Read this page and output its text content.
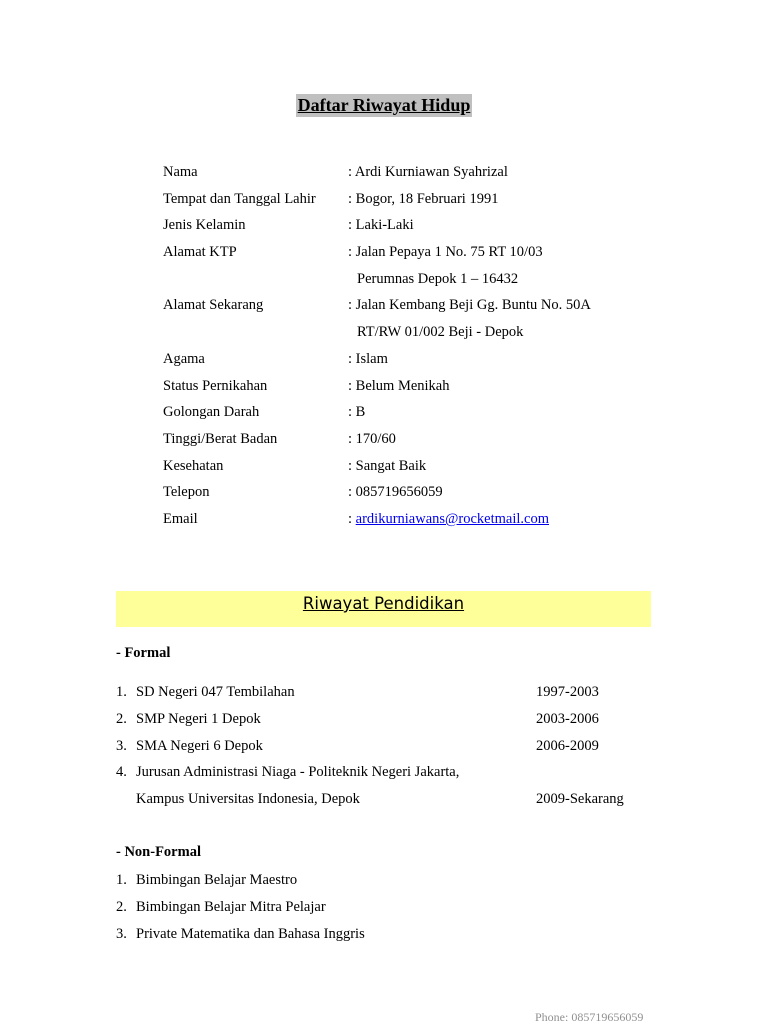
Daftar Riwayat Hidup
Nama	: Ardi Kurniawan Syahrizal
Tempat dan Tanggal Lahir	: Bogor, 18 Februari 1991
Jenis Kelamin	: Laki-Laki
Alamat KTP	: Jalan Pepaya 1 No. 75 RT 10/03
Perumnas Depok 1 – 16432
Alamat Sekarang	: Jalan Kembang Beji Gg. Buntu No. 50A
RT/RW 01/002 Beji - Depok
Agama	: Islam
Status Pernikahan	: Belum Menikah
Golongan Darah	: B
Tinggi/Berat Badan	: 170/60
Kesehatan	: Sangat Baik
Telepon	: 085719656059
Email	: ardikurniawans@rocketmail.com
Riwayat Pendidikan
- Formal
1. SD Negeri 047 Tembilahan	1997-2003
2. SMP Negeri 1 Depok	2003-2006
3. SMA Negeri 6 Depok	2006-2009
4. Jurusan Administrasi Niaga - Politeknik Negeri Jakarta,
Kampus Universitas Indonesia, Depok	2009-Sekarang
- Non-Formal
1. Bimbingan Belajar Maestro
2. Bimbingan Belajar Mitra Pelajar
3. Private Matematika dan Bahasa Inggris
Phone: 085719656059
